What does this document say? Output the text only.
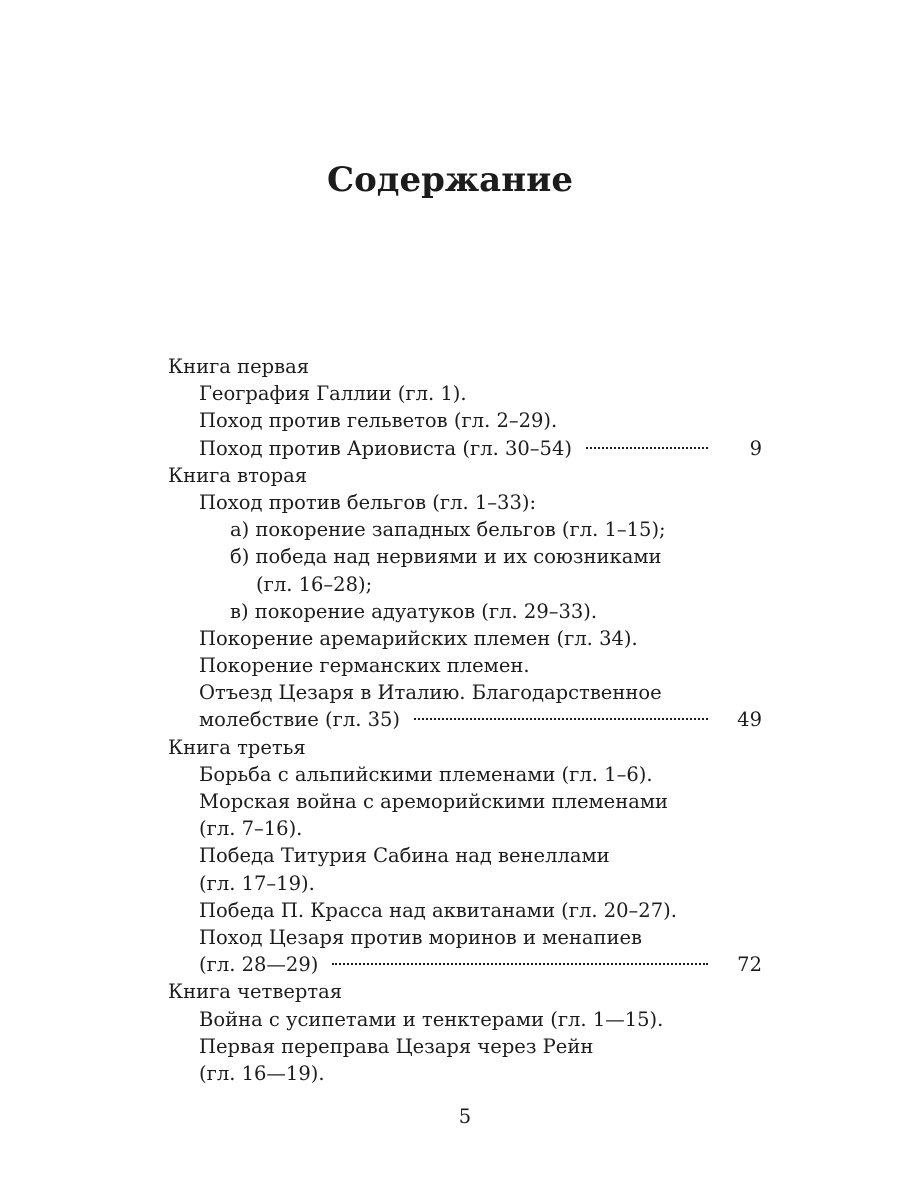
Содержание
Книга первая
География Галлии (гл. 1).
Поход против гельветов (гл. 2–29).
Поход против Ариовиста (гл. 30–54)	9
Книга вторая
Поход против бельгов (гл. 1–33):
а) покорение западных бельгов (гл. 1–15);
б) победа над нервиями и их союзниками
(гл. 16–28);
в) покорение адуатуков (гл. 29–33).
Покорение арeмарийских племен (гл. 34).
Покорение германских племен.
Отъезд Цезаря в Италию. Благодарственное
молебствие (гл. 35)	49
Книга третья
Борьба с альпийскими племенами (гл. 1–6).
Морская война с ареморийскими племенами
(гл. 7–16).
Победа Титурия Сабина над венеллами
(гл. 17–19).
Победа П. Красса над аквитанами (гл. 20–27).
Поход Цезаря против моринов и менапиев
(гл. 28—29)	72
Книга четвертая
Война с усипетами и тенктерами (гл. 1—15).
Первая переправа Цезаря через Рейн
(гл. 16—19).
5
